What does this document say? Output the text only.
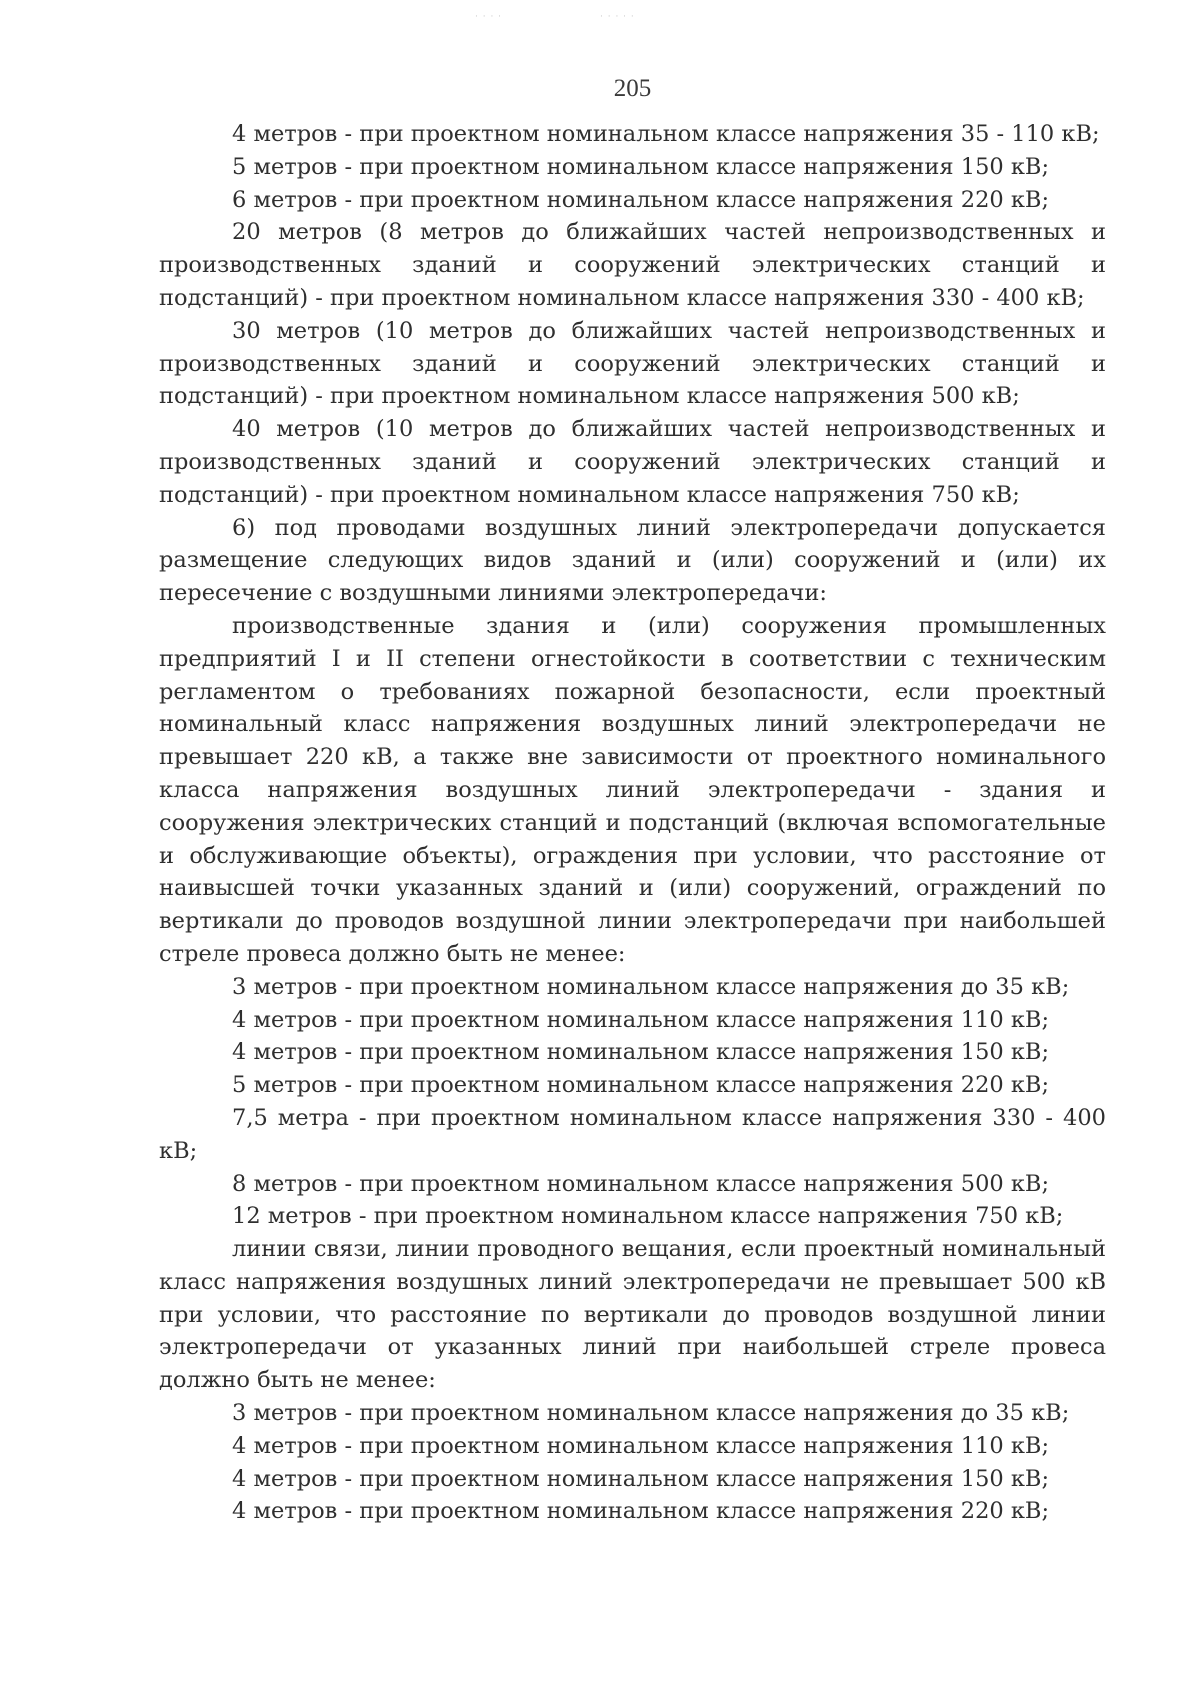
· · · ·	· · · · ·
205

4 метров - при проектном номинальном классе напряжения 35 - 110 кВ;

5 метров - при проектном номинальном классе напряжения 150 кВ;

6 метров - при проектном номинальном классе напряжения 220 кВ;

20 метров (8 метров до ближайших частей непроизводственных и производственных зданий и сооружений электрических станций и подстанций) - при проектном номинальном классе напряжения 330 - 400 кВ;

30 метров (10 метров до ближайших частей непроизводственных и производственных зданий и сооружений электрических станций и подстанций) - при проектном номинальном классе напряжения 500 кВ;

40 метров (10 метров до ближайших частей непроизводственных и производственных зданий и сооружений электрических станций и подстанций) - при проектном номинальном классе напряжения 750 кВ;

6) под проводами воздушных линий электропередачи допускается размещение следующих видов зданий и (или) сооружений и (или) их пересечение с воздушными линиями электропередачи:

производственные здания и (или) сооружения промышленных предприятий I и II степени огнестойкости в соответствии с техническим регламентом о требованиях пожарной безопасности, если проектный номинальный класс напряжения воздушных линий электропередачи не превышает 220 кВ, а также вне зависимости от проектного номинального класса напряжения воздушных линий электропередачи - здания и сооружения электрических станций и подстанций (включая вспомогательные и обслуживающие объекты), ограждения при условии, что расстояние от наивысшей точки указанных зданий и (или) сооружений, ограждений по вертикали до проводов воздушной линии электропередачи при наибольшей стреле провеса должно быть не менее:

3 метров - при проектном номинальном классе напряжения до 35 кВ;

4 метров - при проектном номинальном классе напряжения 110 кВ;

4 метров - при проектном номинальном классе напряжения 150 кВ;

5 метров - при проектном номинальном классе напряжения 220 кВ;

7,5 метра - при проектном номинальном классе напряжения 330 - 400 кВ;

8 метров - при проектном номинальном классе напряжения 500 кВ;

12 метров - при проектном номинальном классе напряжения 750 кВ;

линии связи, линии проводного вещания, если проектный номинальный класс напряжения воздушных линий электропередачи не превышает 500 кВ при условии, что расстояние по вертикали до проводов воздушной линии электропередачи от указанных линий при наибольшей стреле провеса должно быть не менее:

3 метров - при проектном номинальном классе напряжения до 35 кВ;

4 метров - при проектном номинальном классе напряжения 110 кВ;

4 метров - при проектном номинальном классе напряжения 150 кВ;

4 метров - при проектном номинальном классе напряжения 220 кВ;
